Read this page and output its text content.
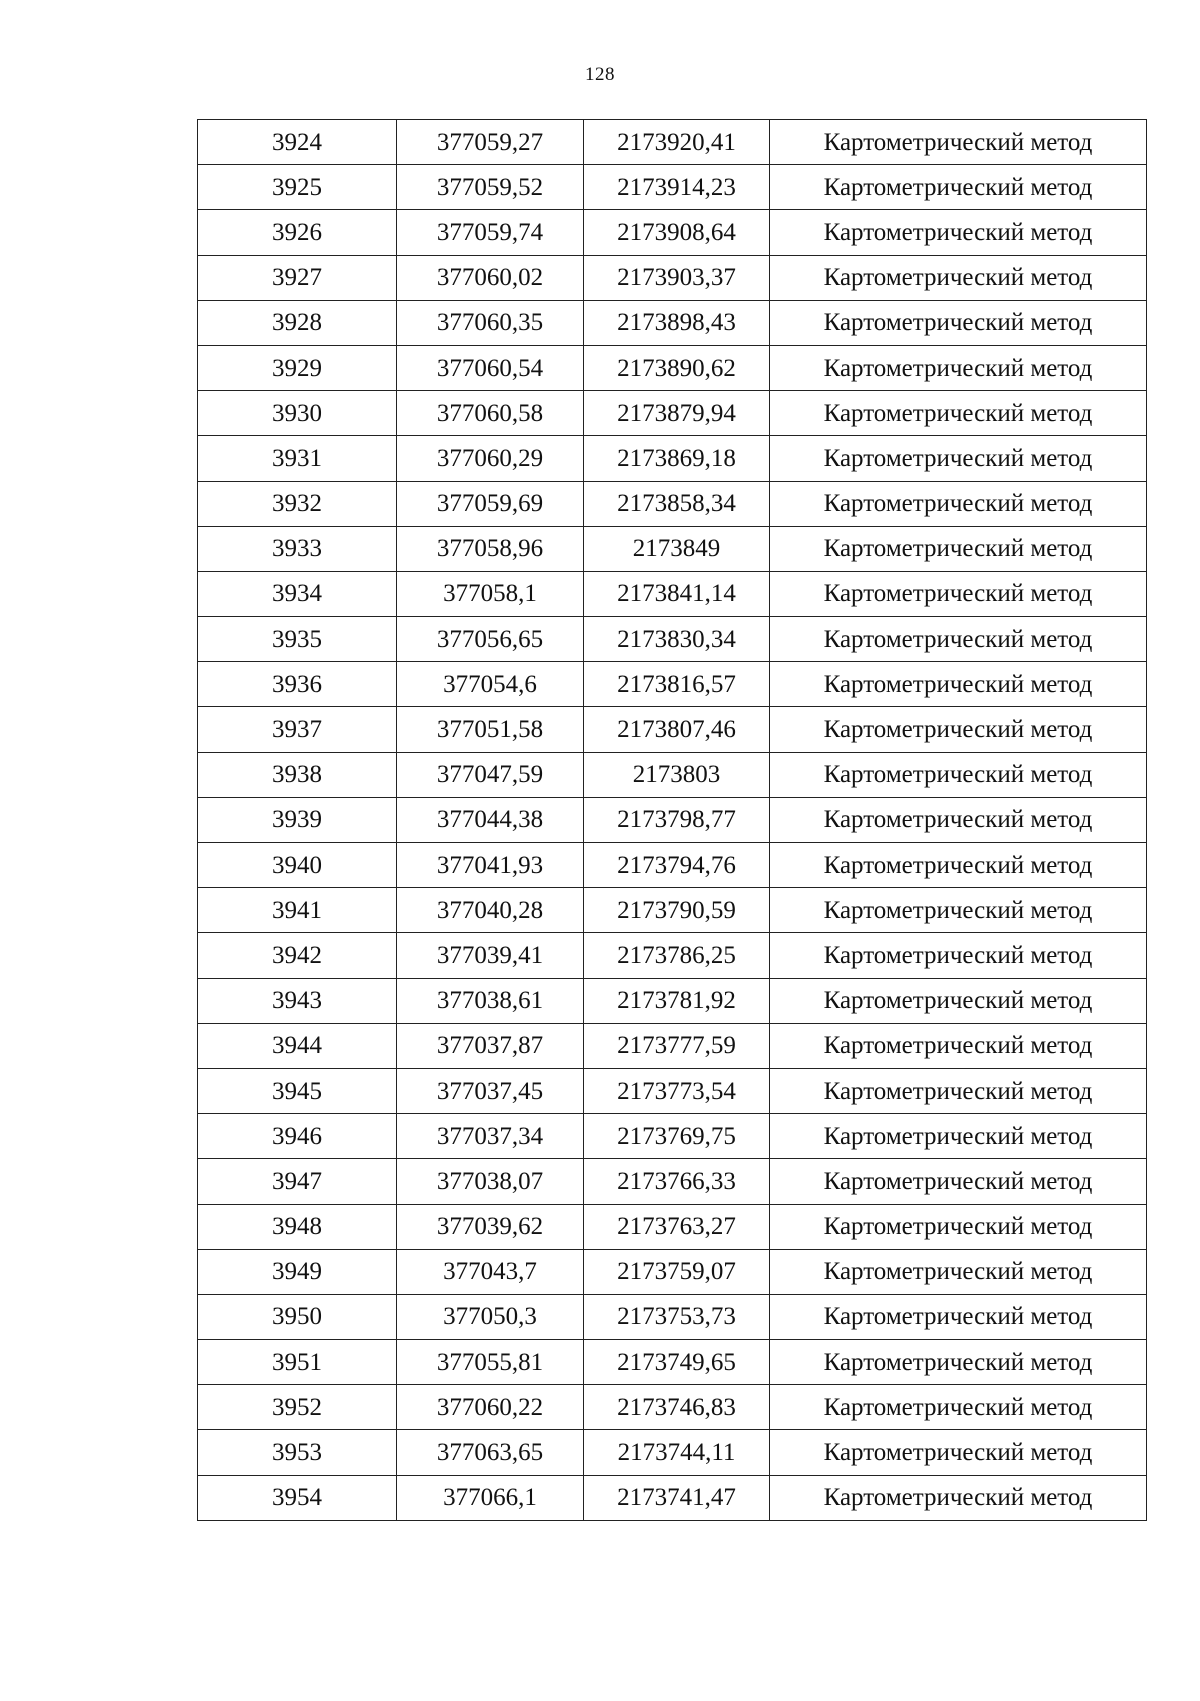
128
3924	377059,27	2173920,41	Картометрический метод
3925	377059,52	2173914,23	Картометрический метод
3926	377059,74	2173908,64	Картометрический метод
3927	377060,02	2173903,37	Картометрический метод
3928	377060,35	2173898,43	Картометрический метод
3929	377060,54	2173890,62	Картометрический метод
3930	377060,58	2173879,94	Картометрический метод
3931	377060,29	2173869,18	Картометрический метод
3932	377059,69	2173858,34	Картометрический метод
3933	377058,96	2173849	Картометрический метод
3934	377058,1	2173841,14	Картометрический метод
3935	377056,65	2173830,34	Картометрический метод
3936	377054,6	2173816,57	Картометрический метод
3937	377051,58	2173807,46	Картометрический метод
3938	377047,59	2173803	Картометрический метод
3939	377044,38	2173798,77	Картометрический метод
3940	377041,93	2173794,76	Картометрический метод
3941	377040,28	2173790,59	Картометрический метод
3942	377039,41	2173786,25	Картометрический метод
3943	377038,61	2173781,92	Картометрический метод
3944	377037,87	2173777,59	Картометрический метод
3945	377037,45	2173773,54	Картометрический метод
3946	377037,34	2173769,75	Картометрический метод
3947	377038,07	2173766,33	Картометрический метод
3948	377039,62	2173763,27	Картометрический метод
3949	377043,7	2173759,07	Картометрический метод
3950	377050,3	2173753,73	Картометрический метод
3951	377055,81	2173749,65	Картометрический метод
3952	377060,22	2173746,83	Картометрический метод
3953	377063,65	2173744,11	Картометрический метод
3954	377066,1	2173741,47	Картометрический метод
